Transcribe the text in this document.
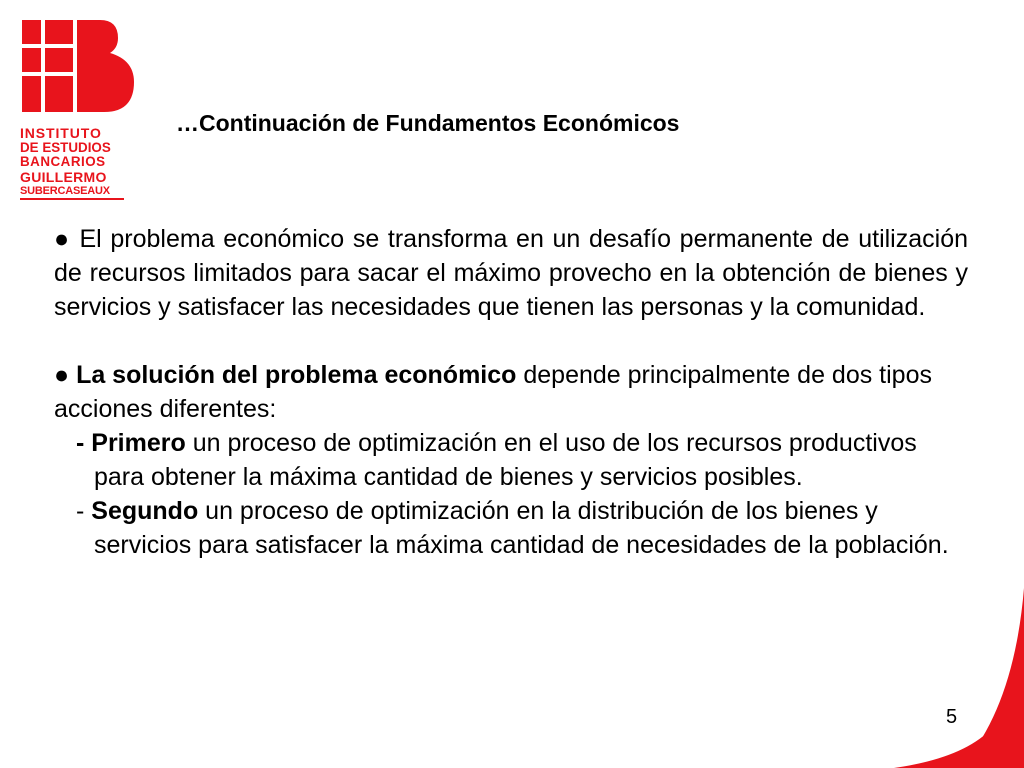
INSTITUTO
DE ESTUDIOS
BANCARIOS
GUILLERMO
SUBERCASEAUX
…Continuación de Fundamentos Económicos
● El problema económico se transforma en un desafío permanente de utilización de recursos limitados para sacar el máximo provecho en la obtención de bienes y servicios y satisfacer las necesidades que tienen las personas y la comunidad.
● La solución del problema económico depende principalmente de dos tipos acciones diferentes:
- Primero un proceso de optimización en el uso de los recursos productivos para obtener la máxima cantidad de bienes y servicios posibles.
- Segundo un proceso de optimización en la distribución de los bienes y servicios para satisfacer la máxima cantidad de necesidades de la población.
5
